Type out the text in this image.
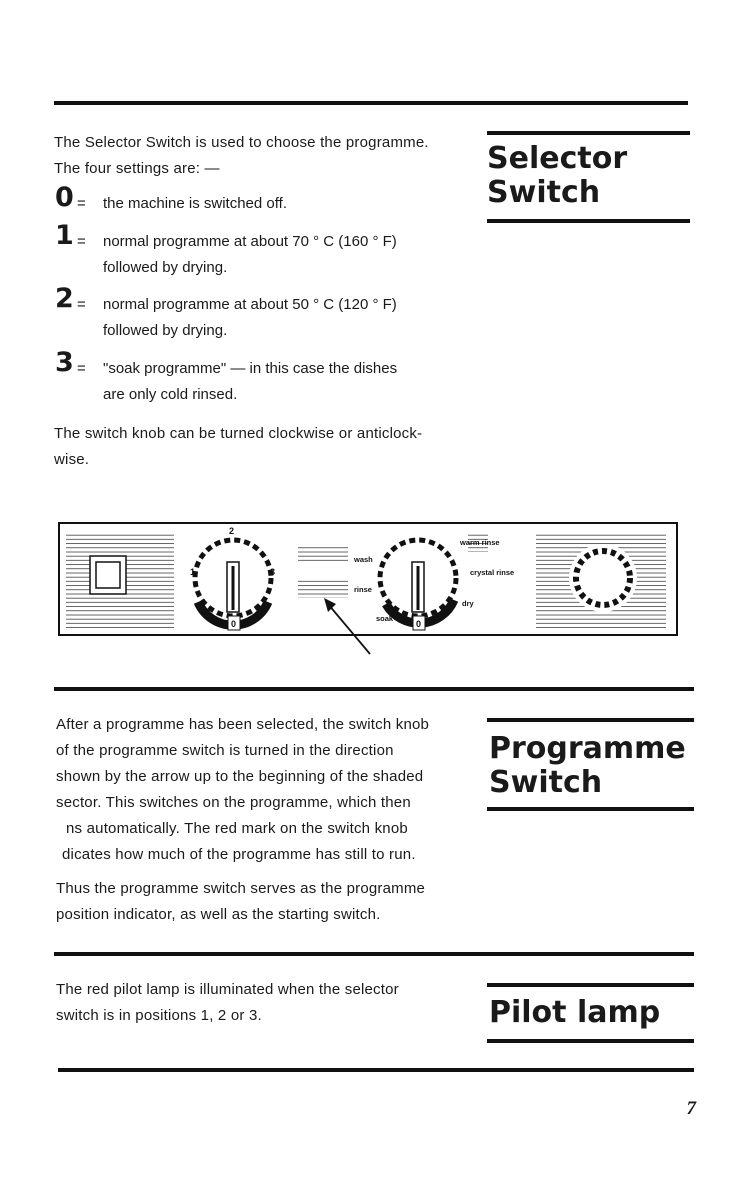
Selector
Switch
The Selector Switch is used to choose the programme.
The four settings are: —
0 = the machine is switched off.
1 = normal programme at about 70 ° C (160 ° F)
followed by drying.
2 = normal programme at about 50 ° C (120 ° F)
followed by drying.
3 = "soak programme" — in this case the dishes
are only cold rinsed.
The switch knob can be turned clockwise or anticlock-
wise.
2
1	3
0	0
wash
rinse
soak
warm rinse
crystal rinse
dry
Programme
Switch
After a programme has been selected, the switch knob
of the programme switch is turned in the direction
shown by the arrow up to the beginning of the shaded
sector. This switches on the programme, which then
ns automatically. The red mark on the switch knob
dicates how much of the programme has still to run.
Thus the programme switch serves as the programme
position indicator, as well as the starting switch.
Pilot lamp
The red pilot lamp is illuminated when the selector
switch is in positions 1, 2 or 3.
7
